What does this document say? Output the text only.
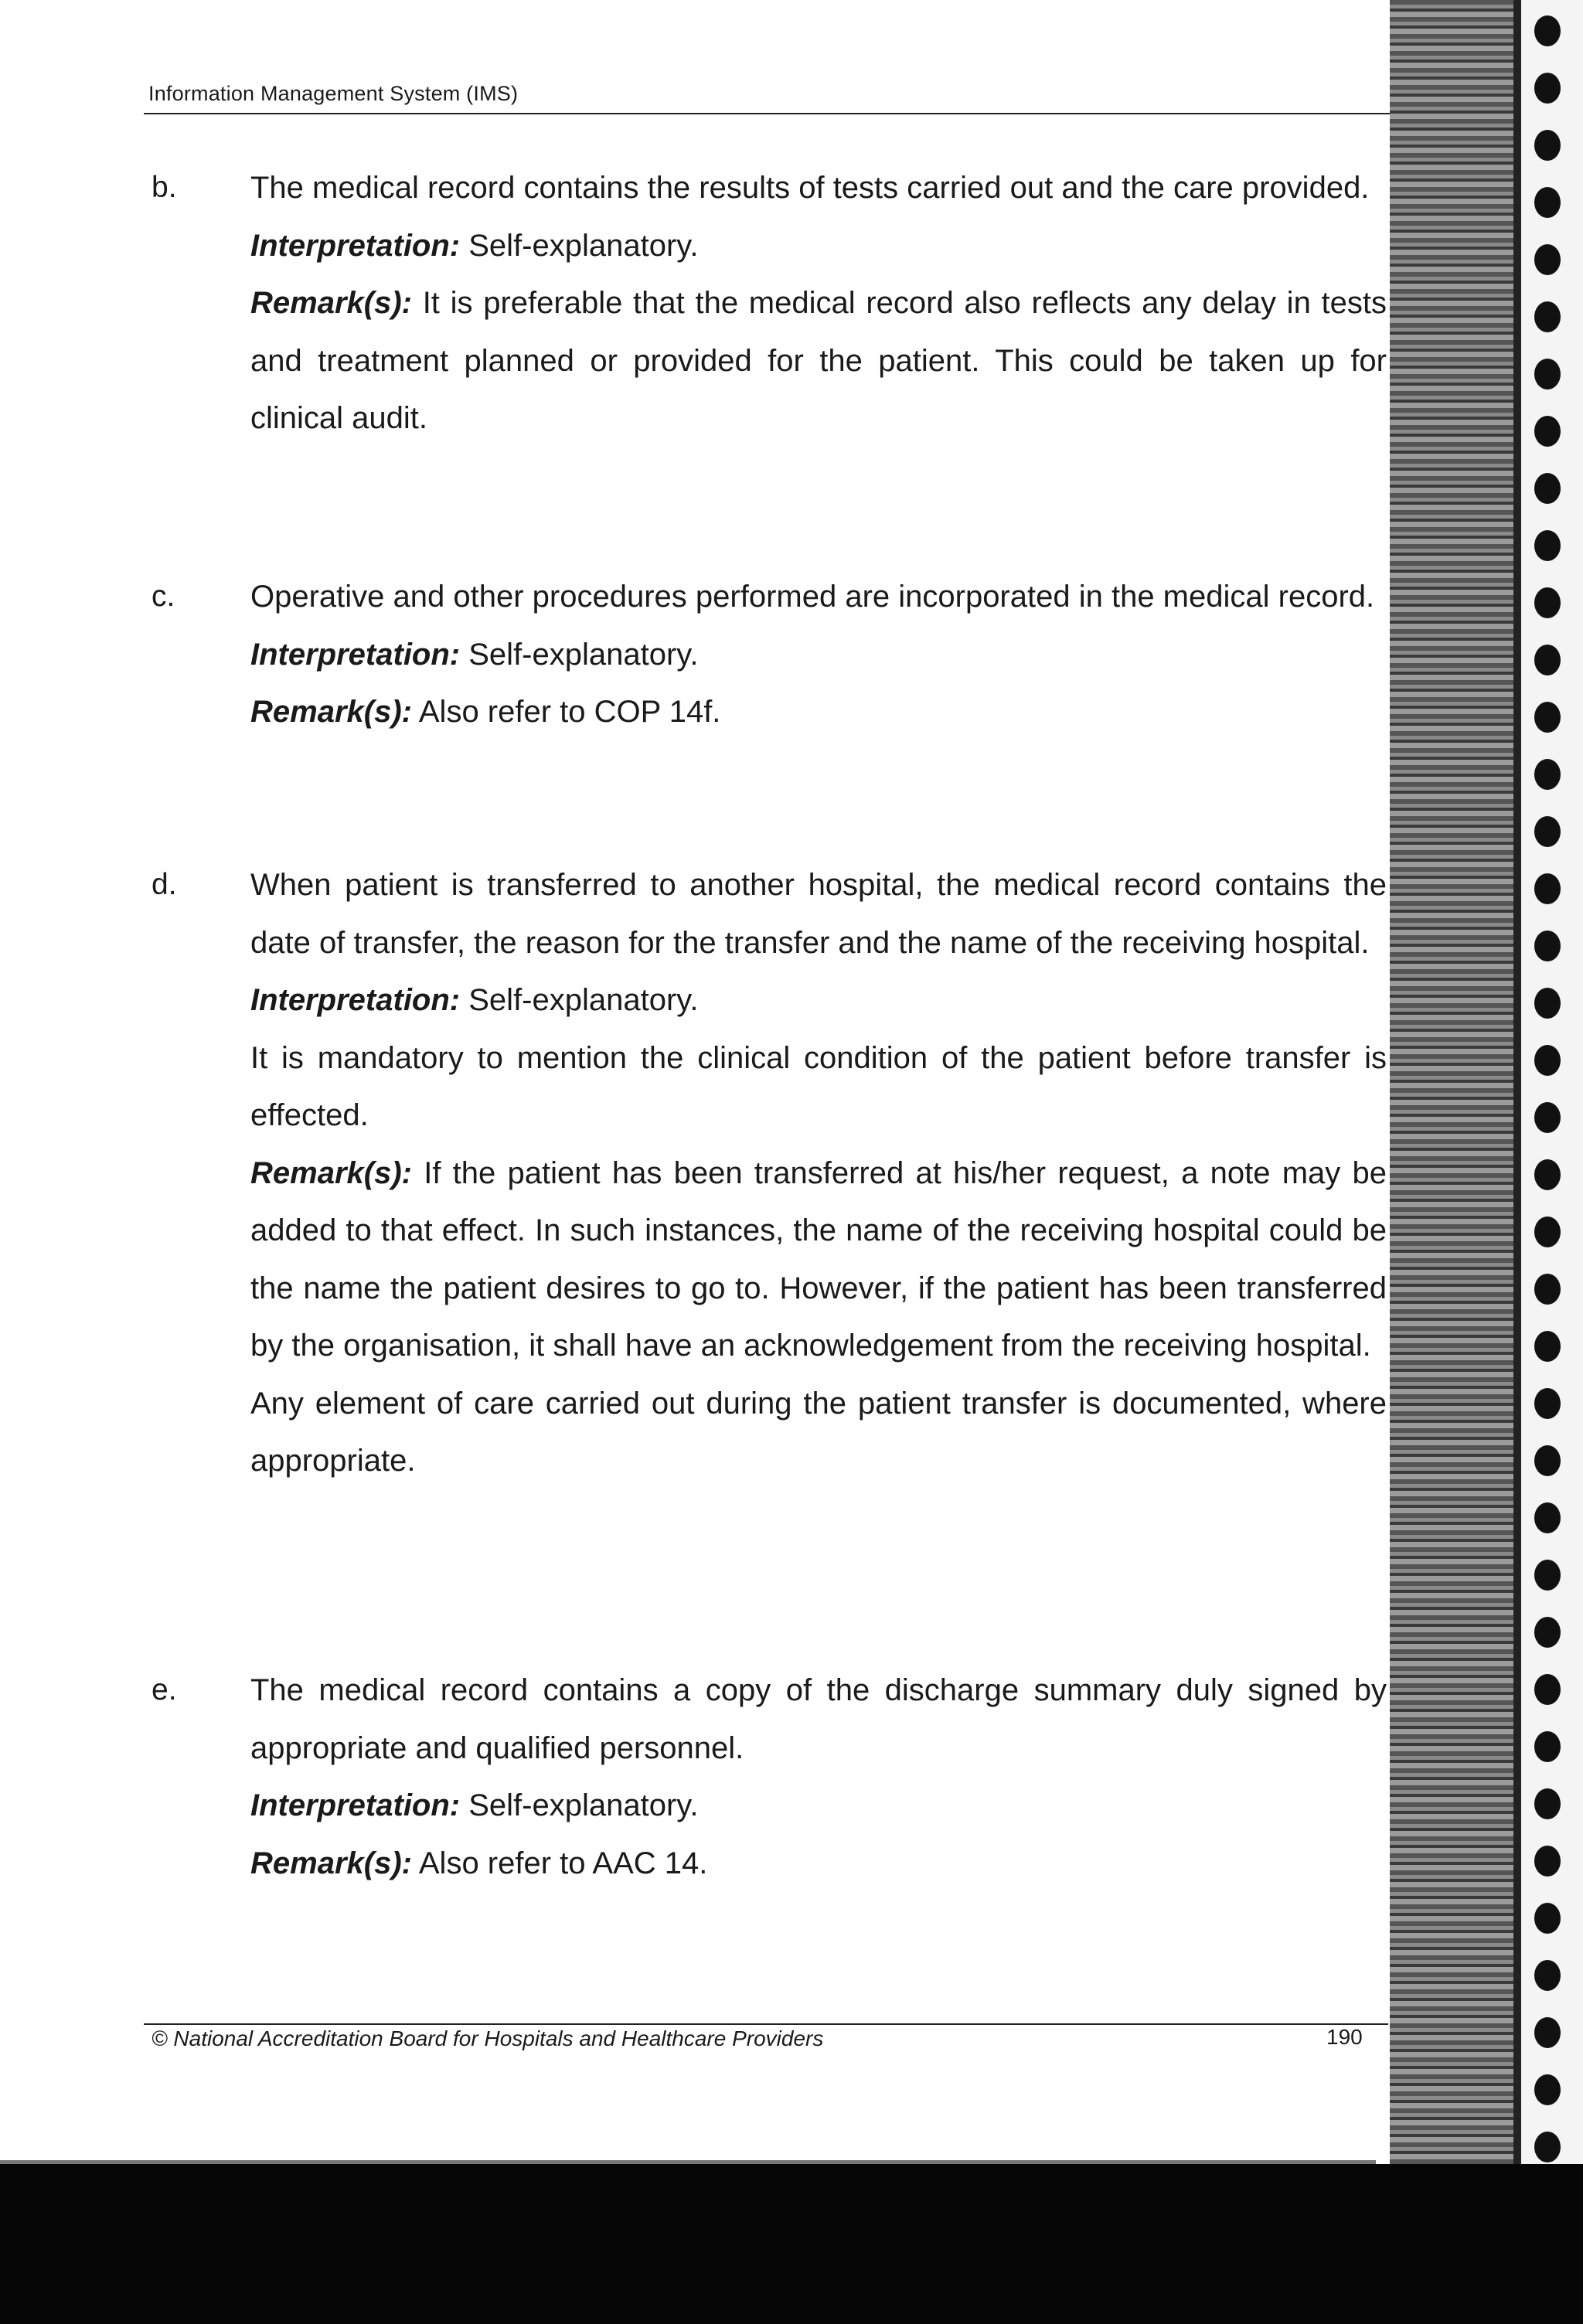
Information Management System (IMS)
b. The medical record contains the results of tests carried out and the care provided.

Interpretation: Self-explanatory.

Remark(s): It is preferable that the medical record also reflects any delay in tests and treatment planned or provided for the patient. This could be taken up for clinical audit.

c. Operative and other procedures performed are incorporated in the medical record.

Interpretation: Self-explanatory.

Remark(s): Also refer to COP 14f.

d. When patient is transferred to another hospital, the medical record contains the date of transfer, the reason for the transfer and the name of the receiving hospital.

Interpretation: Self-explanatory.

It is mandatory to mention the clinical condition of the patient before transfer is effected.

Remark(s): If the patient has been transferred at his/her request, a note may be added to that effect. In such instances, the name of the receiving hospital could be the name the patient desires to go to. However, if the patient has been transferred by the organisation, it shall have an acknowledgement from the receiving hospital.

Any element of care carried out during the patient transfer is documented, where appropriate.

e. The medical record contains a copy of the discharge summary duly signed by appropriate and qualified personnel.

Interpretation: Self-explanatory.

Remark(s): Also refer to AAC 14.

© National Accreditation Board for Hospitals and Healthcare Providers	190
